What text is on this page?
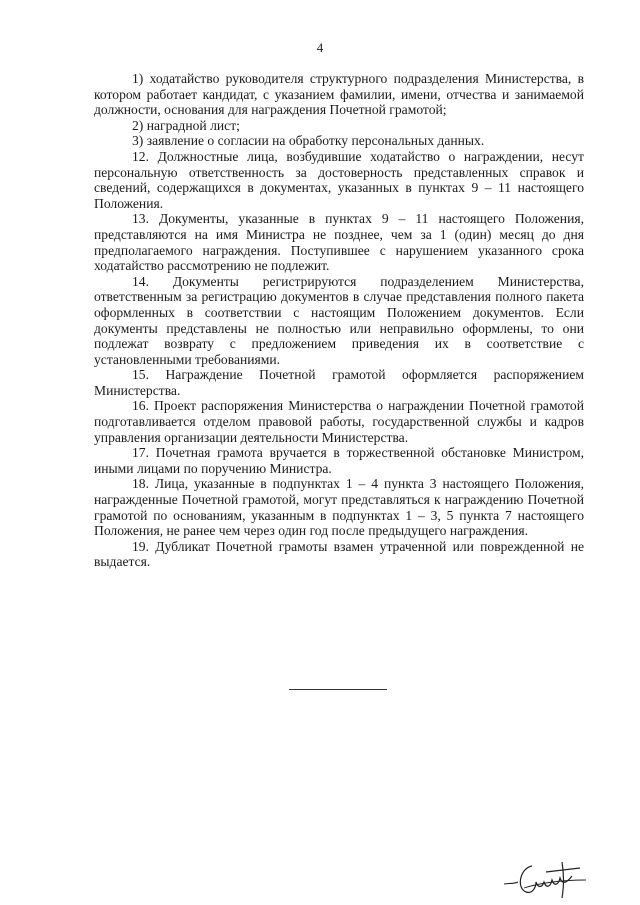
4

1) ходатайство руководителя структурного подразделения Министерства, в котором работает кандидат, с указанием фамилии, имени, отчества и занимаемой должности, основания для награждения Почетной грамотой;

2) наградной лист;

3) заявление о согласии на обработку персональных данных.

12. Должностные лица, возбудившие ходатайство о награждении, несут персональную ответственность за достоверность представленных справок и сведений, содержащихся в документах, указанных в пунктах 9 – 11 настоящего Положения.

13. Документы, указанные в пунктах 9 – 11 настоящего Положения, представляются на имя Министра не позднее, чем за 1 (один) месяц до дня предполагаемого награждения. Поступившее с нарушением указанного срока ходатайство рассмотрению не подлежит.

14. Документы регистрируются подразделением Министерства, ответственным за регистрацию документов в случае представления полного пакета оформленных в соответствии с настоящим Положением документов. Если документы представлены не полностью или неправильно оформлены, то они подлежат возврату с предложением приведения их в соответствие с установленными требованиями.

15. Награждение Почетной грамотой оформляется распоряжением Министерства.

16. Проект распоряжения Министерства о награждении Почетной грамотой подготавливается отделом правовой работы, государственной службы и кадров управления организации деятельности Министерства.

17. Почетная грамота вручается в торжественной обстановке Министром, иными лицами по поручению Министра.

18. Лица, указанные в подпунктах 1 – 4 пункта 3 настоящего Положения, награжденные Почетной грамотой, могут представляться к награждению Почетной грамотой по основаниям, указанным в подпунктах 1 – 3, 5 пункта 7 настоящего Положения, не ранее чем через один год после предыдущего награждения.

19. Дубликат Почетной грамоты взамен утраченной или поврежденной не выдается.
